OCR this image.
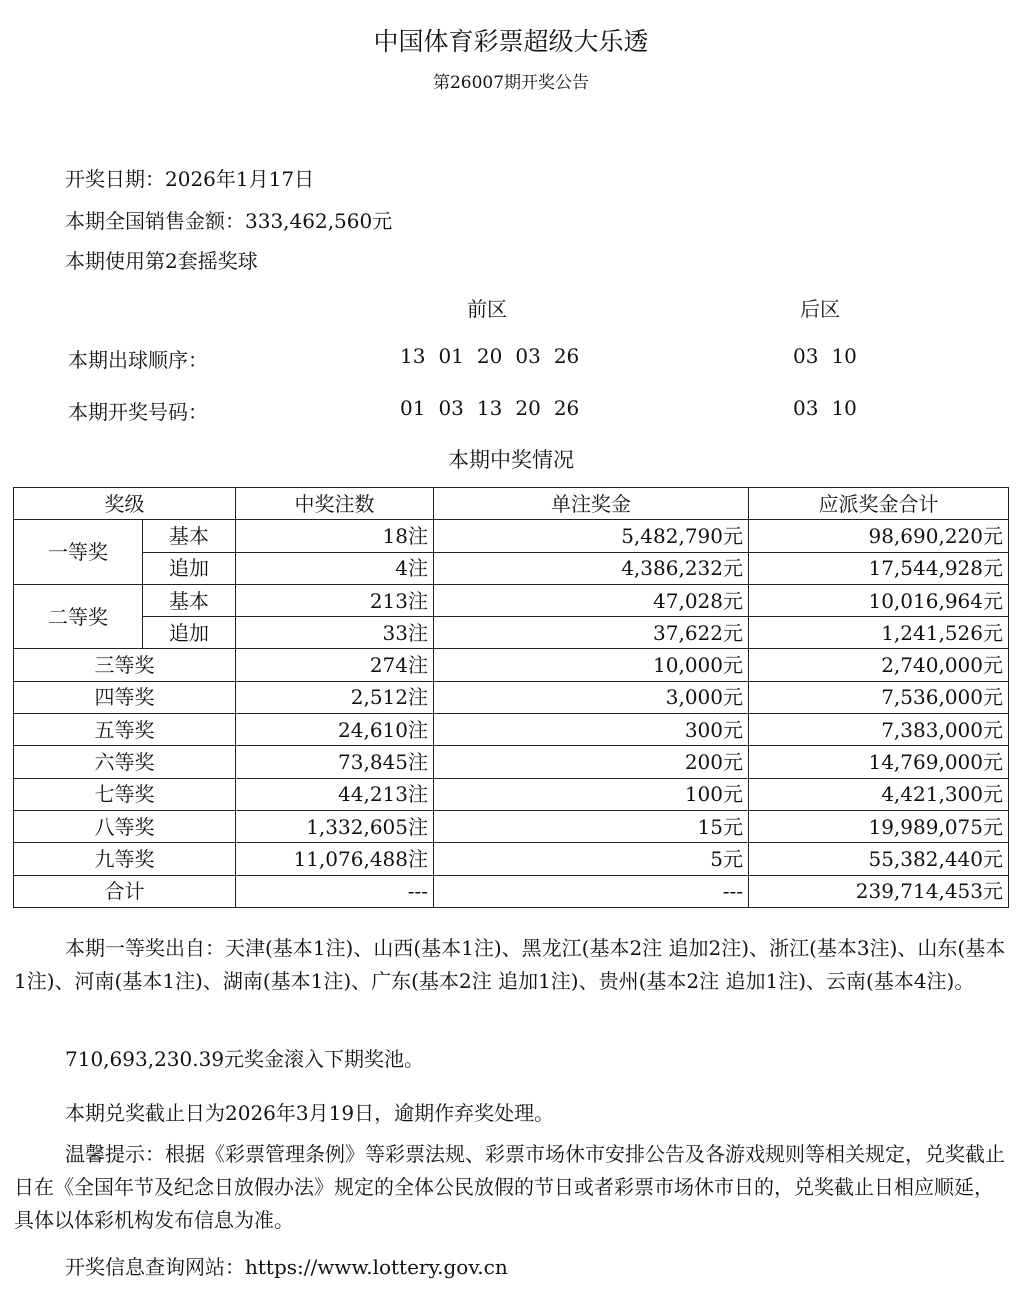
中国体育彩票超级大乐透
第26007期开奖公告
开奖日期：2026年1月17日
本期全国销售金额：333,462,560元
本期使用第2套摇奖球
前区	后区
本期出球顺序：	13 01 20 03 26	03 10
本期开奖号码：	01 03 13 20 26	03 10
本期中奖情况
奖级		中奖注数	单注奖金	应派奖金合计
一等奖	基本	18注	5,482,790元	98,690,220元
	追加	4注	4,386,232元	17,544,928元
二等奖	基本	213注	47,028元	10,016,964元
	追加	33注	37,622元	1,241,526元
三等奖		274注	10,000元	2,740,000元
四等奖		2,512注	3,000元	7,536,000元
五等奖		24,610注	300元	7,383,000元
六等奖		73,845注	200元	14,769,000元
七等奖		44,213注	100元	4,421,300元
八等奖		1,332,605注	15元	19,989,075元
九等奖		11,076,488注	5元	55,382,440元
合计		---	---	239,714,453元
本期一等奖出自：天津(基本1注)、山西(基本1注)、黑龙江(基本2注 追加2注)、浙江(基本3注)、山东(基本1注)、河南(基本1注)、湖南(基本1注)、广东(基本2注 追加1注)、贵州(基本2注 追加1注)、云南(基本4注)。
710,693,230.39元奖金滚入下期奖池。
本期兑奖截止日为2026年3月19日，逾期作弃奖处理。
温馨提示：根据《彩票管理条例》等彩票法规、彩票市场休市安排公告及各游戏规则等相关规定，兑奖截止日在《全国年节及纪念日放假办法》规定的全体公民放假的节日或者彩票市场休市日的，兑奖截止日相应顺延，具体以体彩机构发布信息为准。
开奖信息查询网站：https://www.lottery.gov.cn
